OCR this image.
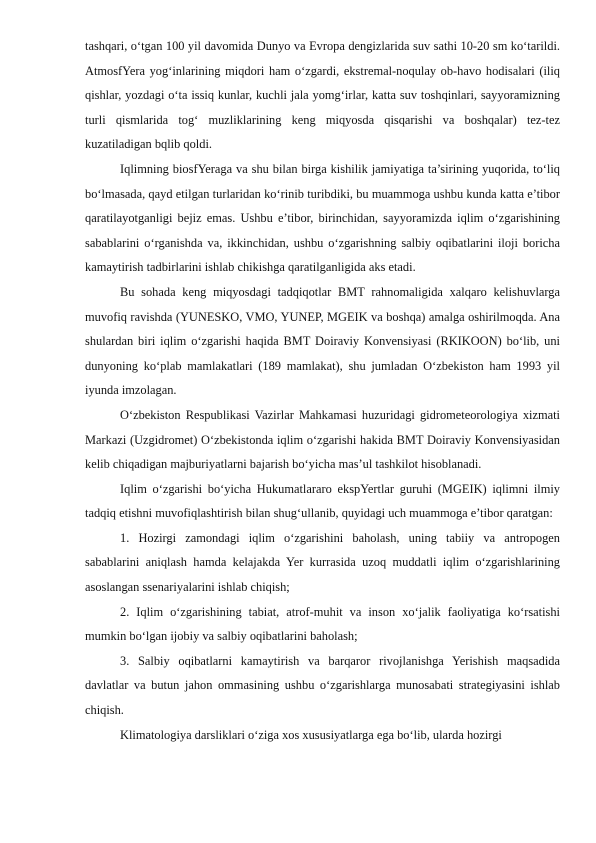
tashqari, o‘tgan 100 yil davomida Dunyo va Evropa dengizlarida suv sathi 10-20 sm ko‘tarildi. AtmosfYera yog‘inlarining miqdori ham o‘zgardi, ekstremal-noqulay ob-havo hodisalari (iliq qishlar, yozdagi o‘ta issiq kunlar, kuchli jala yomg‘irlar, katta suv toshqinlari, sayyoramizning turli qismlarida tog‘ muzliklarining keng miqyosda qisqarishi va boshqalar) tez-tez kuzatiladigan bqlib qoldi.

Iqlimning biosfYeraga va shu bilan birga kishilik jamiyatiga ta’sirining yuqorida, to‘liq bo‘lmasada, qayd etilgan turlaridan ko‘rinib turibdiki, bu muammoga ushbu kunda katta e’tibor qaratilayotganligi bejiz emas. Ushbu e’tibor, birinchidan, sayyoramizda iqlim o‘zgarishining sabablarini o‘rganishda va, ikkinchidan, ushbu o‘zgarishning salbiy oqibatlarini iloji boricha kamaytirish tadbirlarini ishlab chikishga qaratilganligida aks etadi.

Bu sohada keng miqyosdagi tadqiqotlar BMT rahnomaligida xalqaro kelishuvlarga muvofiq ravishda (YUNESKO, VMO, YUNEP, MGEIK va boshqa) amalga oshirilmoqda. Ana shulardan biri iqlim o‘zgarishi haqida BMT Doiraviy Konvensiyasi (RKIKOON) bo‘lib, uni dunyoning ko‘plab mamlakatlari (189 mamlakat), shu jumladan O‘zbekiston ham 1993 yil iyunda imzolagan.

O‘zbekiston Respublikasi Vazirlar Mahkamasi huzuridagi gidrometeorologiya xizmati Markazi (Uzgidromet) O‘zbekistonda iqlim o‘zgarishi hakida BMT Doiraviy Konvensiyasidan kelib chiqadigan majburiyatlarni bajarish bo‘yicha mas’ul tashkilot hisoblanadi.

Iqlim o‘zgarishi bo‘yicha Hukumatlararo ekspYertlar guruhi (MGEIK) iqlimni ilmiy tadqiq etishni muvofiqlashtirish bilan shug‘ullanib, quyidagi uch muammoga e’tibor qaratgan:

1. Hozirgi zamondagi iqlim o‘zgarishini baholash, uning tabiiy va antropogen sabablarini aniqlash hamda kelajakda Yer kurrasida uzoq muddatli iqlim o‘zgarishlarining asoslangan ssenariyalarini ishlab chiqish;

2. Iqlim o‘zgarishining tabiat, atrof-muhit va inson xo‘jalik faoliyatiga ko‘rsatishi mumkin bo‘lgan ijobiy va salbiy oqibatlarini baholash;

3. Salbiy oqibatlarni kamaytirish va barqaror rivojlanishga Yerishish maqsadida davlatlar va butun jahon ommasining ushbu o‘zgarishlarga munosabati strategiyasini ishlab chiqish.

Klimatologiya darsliklari o‘ziga xos xususiyatlarga ega bo‘lib, ularda hozirgi
